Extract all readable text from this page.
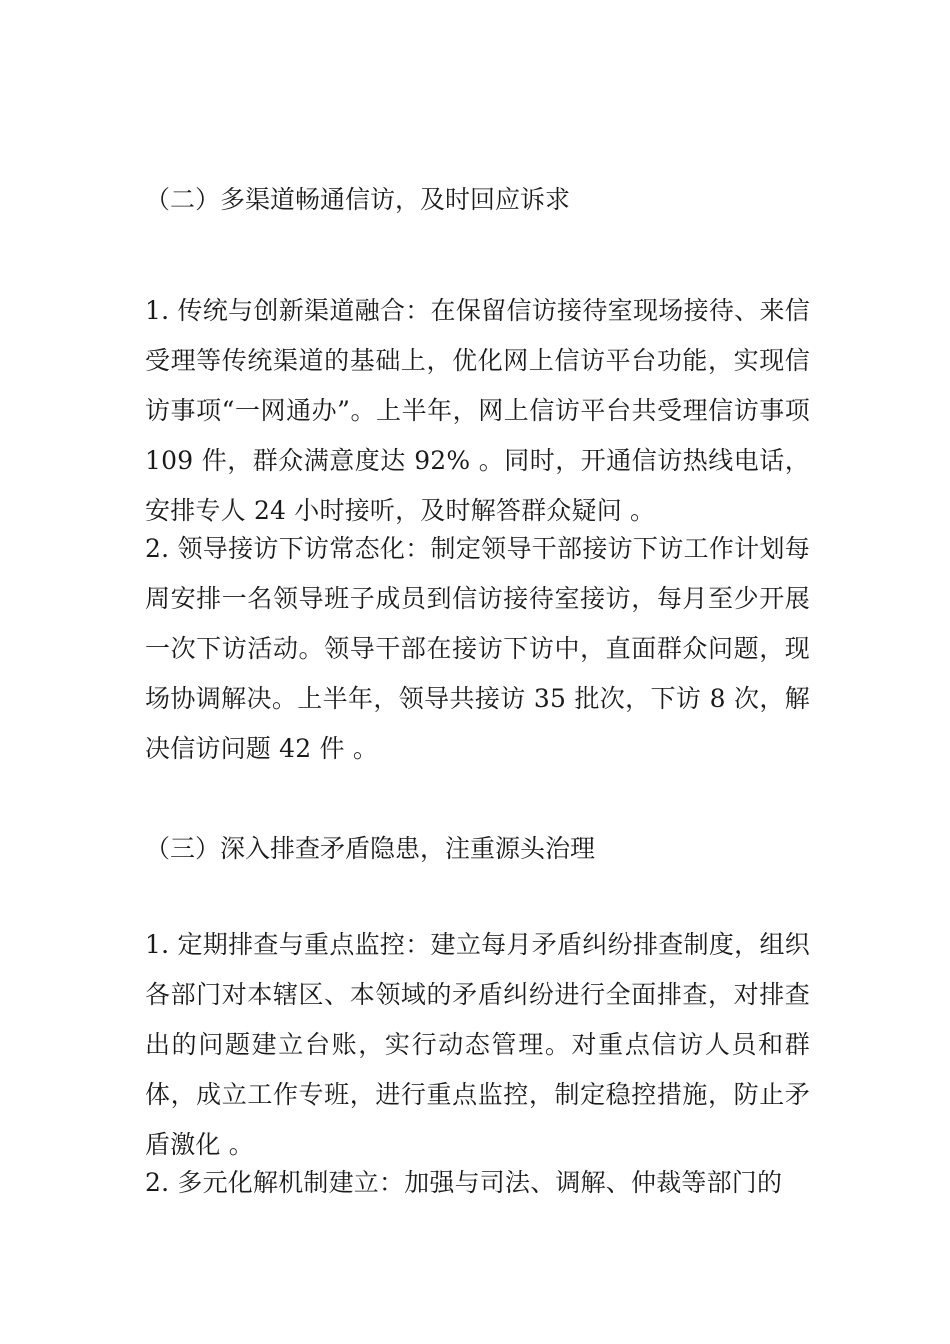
（二）多渠道畅通信访，及时回应诉求
1. 传统与创新渠道融合：在保留信访接待室现场接待、来信受理等传统渠道的基础上，优化网上信访平台功能，实现信访事项“一网通办”。上半年，网上信访平台共受理信访事项 109 件，群众满意度达 92% 。同时，开通信访热线电话，安排专人 24 小时接听，及时解答群众疑问 。
2. 领导接访下访常态化：制定领导干部接访下访工作计划每周安排一名领导班子成员到信访接待室接访，每月至少开展一次下访活动。领导干部在接访下访中，直面群众问题，现场协调解决。上半年，领导共接访 35 批次，下访 8 次，解决信访问题 42 件 。
（三）深入排查矛盾隐患，注重源头治理
1. 定期排查与重点监控：建立每月矛盾纠纷排查制度，组织各部门对本辖区、本领域的矛盾纠纷进行全面排查，对排查出的问题建立台账，实行动态管理。对重点信访人员和群体，成立工作专班，进行重点监控，制定稳控措施，防止矛盾激化 。
2. 多元化解机制建立：加强与司法、调解、仲裁等部门的
